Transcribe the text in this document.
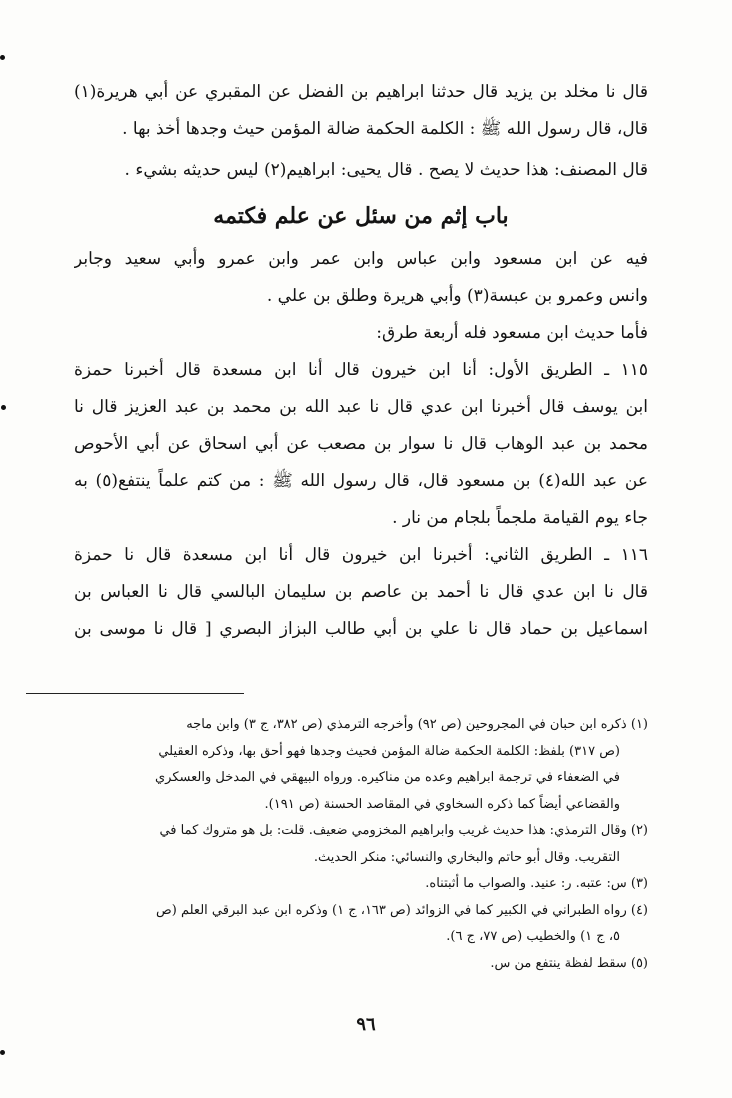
قال نا مخلد بن يزيد قال حدثنا ابراهيم بن الفضل عن المقبري عن أبي هريرة(١)

قال، قال رسول الله ﷺ : الكلمة الحكمة ضالة المؤمن حيث وجدها أخذ بها .

قال المصنف: هذا حديث لا يصح . قال يحيى: ابراهيم(٢) ليس حديثه بشيء .

باب إثم من سئل عن علم فكتمه

فيه عن ابن مسعود وابن عباس وابن عمر وابن عمرو وأبي سعيد وجابر

وانس وعمرو بن عبسة(٣) وأبي هريرة وطلق بن علي .

فأما حديث ابن مسعود فله أربعة طرق:

١١٥ ـ الطريق الأول: أنا ابن خيرون قال أنا ابن مسعدة قال أخبرنا حمزة

ابن يوسف قال أخبرنا ابن عدي قال نا عبد الله بن محمد بن عبد العزيز قال نا

محمد بن عبد الوهاب قال نا سوار بن مصعب عن أبي اسحاق عن أبي الأحوص

عن عبد الله(٤) بن مسعود قال، قال رسول الله ﷺ : من كتم علماً ينتفع(٥) به

جاء يوم القيامة ملجماً بلجام من نار .

١١٦ ـ الطريق الثاني: أخبرنا ابن خيرون قال أنا ابن مسعدة قال نا حمزة

قال نا ابن عدي قال نا أحمد بن عاصم بن سليمان البالسي قال نا العباس بن

اسماعيل بن حماد قال نا علي بن أبي طالب البزاز البصري [ قال نا موسى بن

(١) ذكره ابن حبان في المجروحين (ص ٩٢) وأخرجه الترمذي (ص ٣٨٢، ج ٣) وابن ماجه

(ص ٣١٧) بلفظ: الكلمة الحكمة ضالة المؤمن فحيث وجدها فهو أحق بها، وذكره العقيلي

في الضعفاء في ترجمة ابراهيم وعده من مناكيره. ورواه البيهقي في المدخل والعسكري

والقضاعي أيضاً كما ذكره السخاوي في المقاصد الحسنة (ص ١٩١).

(٢) وقال الترمذي: هذا حديث غريب وابراهيم المخزومي ضعيف. قلت: بل هو متروك كما في

التقريب. وقال أبو حاتم والبخاري والنسائي: منكر الحديث.

(٣) س: عتبه. ر: عنيد. والصواب ما أثبتناه.

(٤) رواه الطبراني في الكبير كما في الزوائد (ص ١٦٣، ج ١) وذكره ابن عبد البرقي العلم (ص

٥، ج ١) والخطيب (ص ٧٧، ج ٦).

(٥) سقط لفظة ينتفع من س.

٩٦
